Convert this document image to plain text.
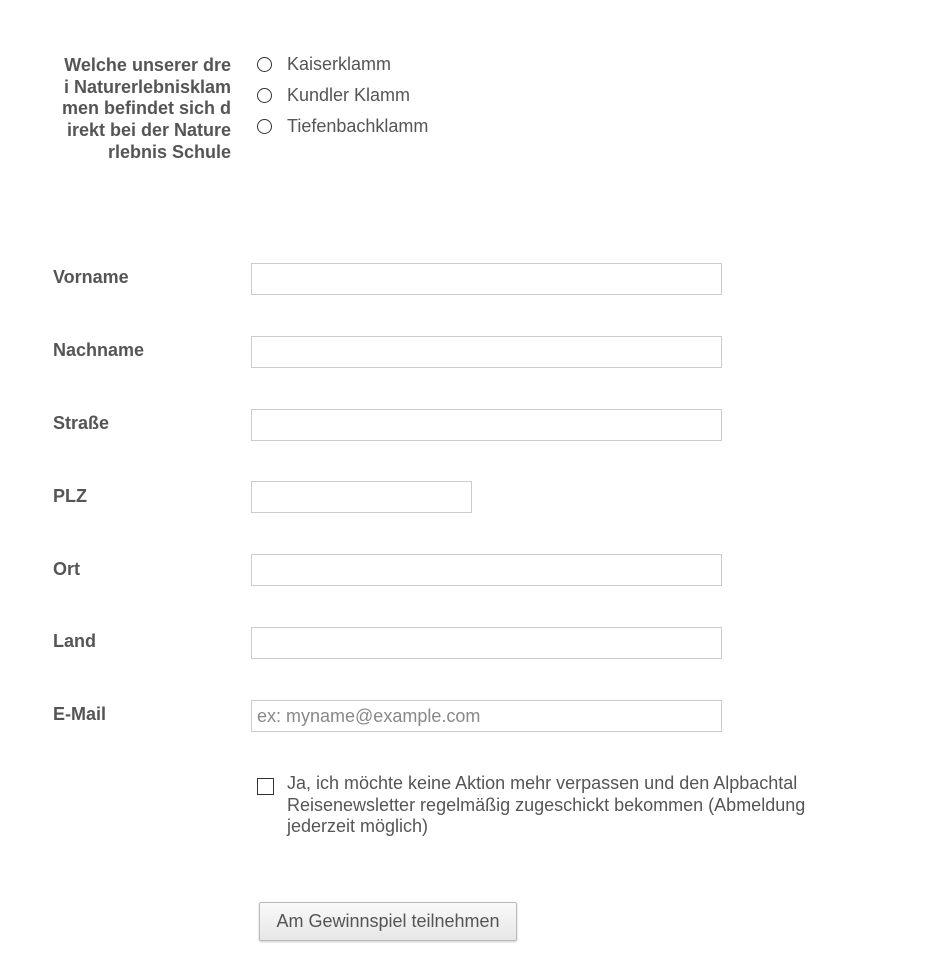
Welche unserer drei Naturerlebnisklammen befindet sich direkt bei der Naturerlebnis Schule
Kaiserklamm
Kundler Klamm
Tiefenbachklamm
Vorname
Nachname
Straße
PLZ
Ort
Land
E-Mail
ex: myname@example.com
Ja, ich möchte keine Aktion mehr verpassen und den Alpbachtal Reisenewsletter regelmäßig zugeschickt bekommen (Abmeldung jederzeit möglich)
Am Gewinnspiel teilnehmen
